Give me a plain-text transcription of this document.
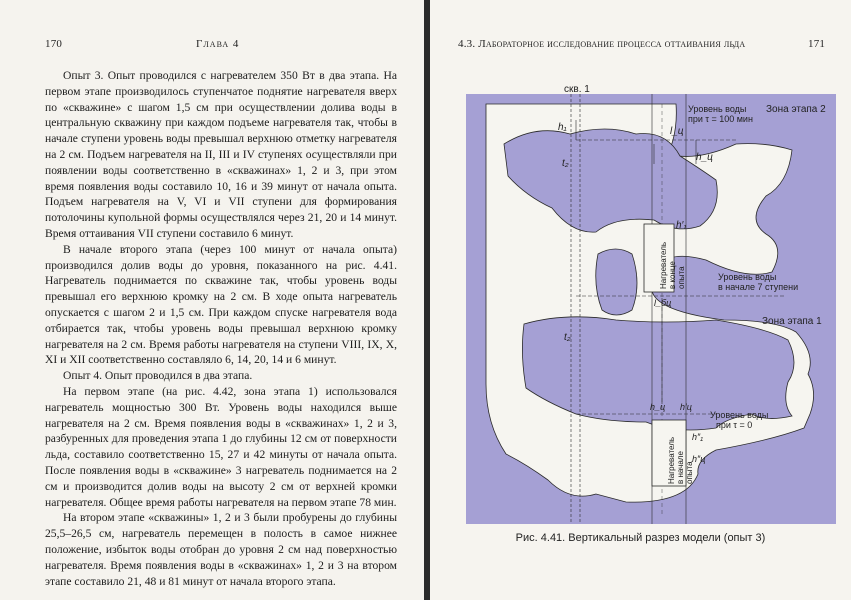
170	Глава 4

Опыт 3. Опыт проводился с нагревателем 350 Вт в два этапа. На первом этапе производилось ступенчатое поднятие нагревателя вверх по «скважине» с шагом 1,5 см при осуществлении долива воды в центральную скважину при каждом подъеме нагревателя так, чтобы в начале ступени уровень воды превышал верхнюю отметку нагревателя на 2 см. Подъем нагревателя на II, III и IV ступенях осуществляли при появлении воды соответственно в «скважинах» 1, 2 и 3, при этом время появления воды составило 10, 16 и 39 минут от начала опыта. Подъем нагревателя на V, VI и VII ступени для формирования потолочины купольной формы осуществлялся через 21, 20 и 14 минут. Время оттаивания VII ступени составило 6 минут.

В начале второго этапа (через 100 минут от начала опыта) производился долив воды до уровня, показанного на рис. 4.41. Нагреватель поднимается по скважине так, чтобы уровень воды превышал его верхнюю кромку на 2 см. В ходе опыта нагреватель опускается с шагом 2 и 1,5 см. При каждом спуске нагревателя вода отбирается так, чтобы уровень воды превышал верхнюю кромку нагревателя на 2 см. Время работы нагревателя на ступени VIII, IX, X, XI и XII соответственно составляло 6, 14, 20, 14 и 6 минут.

Опыт 4. Опыт проводился в два этапа.

На первом этапе (на рис. 4.42, зона этапа 1) использовался нагреватель мощностью 300 Вт. Уровень воды находился выше нагревателя на 2 см. Время появления воды в «скважинах» 1, 2 и 3, разбуренных для проведения этапа 1 до глубины 12 см от поверхности льда, составило соответственно 15, 27 и 42 минуты от начала опыта. После появления воды в «скважине» 3 нагреватель поднимается на 2 см и производится долив воды на высоту 2 см от верхней кромки нагревателя. Общее время работы нагревателя на первом этапе 78 мин.

На втором этапе «скважины» 1, 2 и 3 были пробурены до глубины 25,5–26,5 см, нагреватель перемещен в полость в самое нижнее положение, избыток воды отобран до уровня 2 см над поверхностью нагревателя. Время появления воды в «скважинах» 1, 2 и 3 на втором этапе составило 21, 48 и 81 минут от начала второго этапа.

4.3. Лабораторное исследование процесса оттаивания льда	171
скв. 1
h₁
t₂
t₂
l_ц
h_ц
h′₁
l_бц
h_ц h′ц
h″₁
h″ц
Уровень воды
при τ = 100 мин
Зона этапа 2
Уровень воды
в начале 7 ступени
Зона этапа 1
Уровень воды
при τ = 0
Нагреватель в конце опыта
Нагреватель в начале опыта
Рис. 4.41. Вертикальный разрез модели (опыт 3)
